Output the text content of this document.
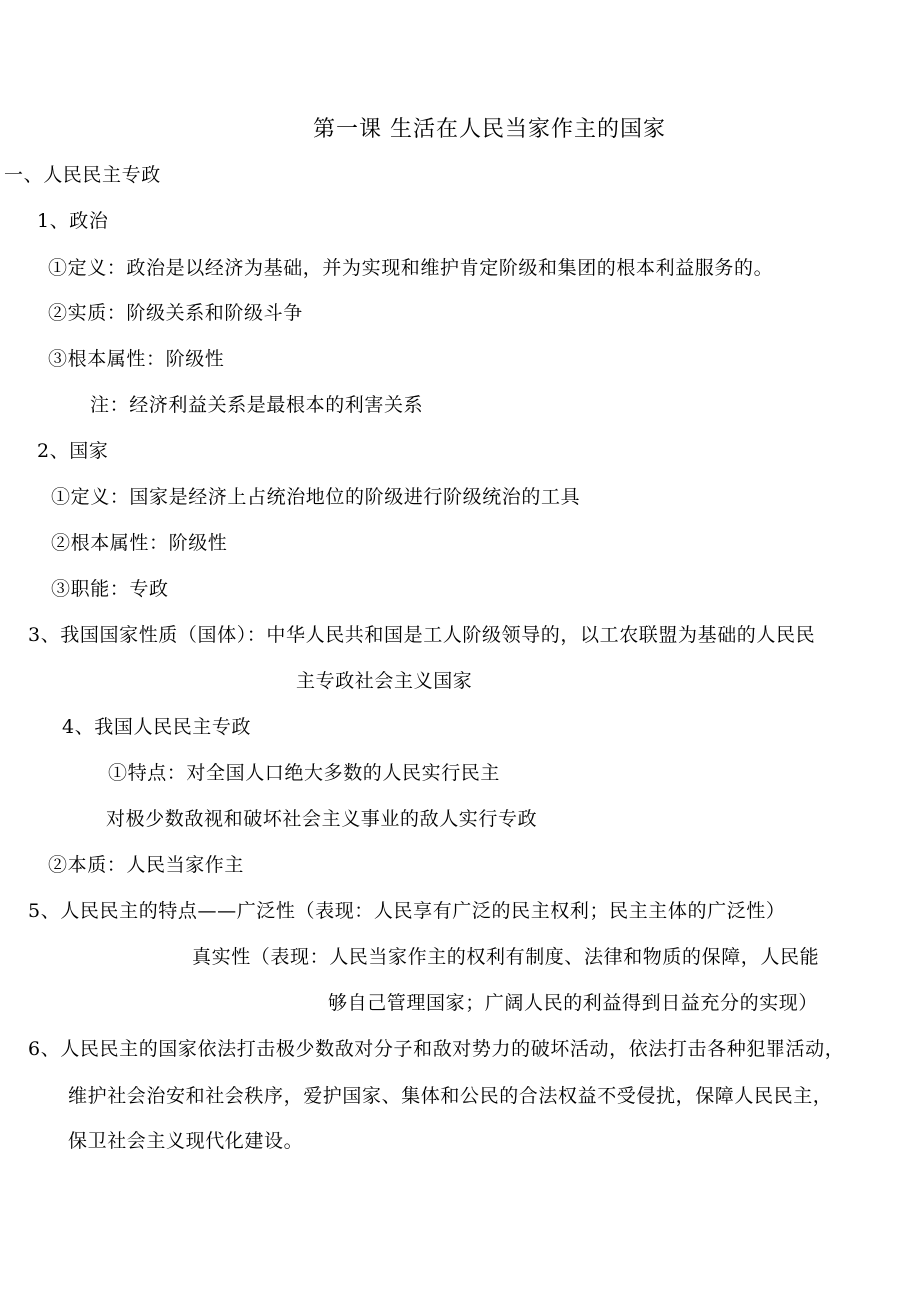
第一课 生活在人民当家作主的国家
一、人民民主专政
1、政治
①定义：政治是以经济为基础，并为实现和维护肯定阶级和集团的根本利益服务的。
②实质：阶级关系和阶级斗争
③根本属性：阶级性
注：经济利益关系是最根本的利害关系
2、国家
①定义：国家是经济上占统治地位的阶级进行阶级统治的工具
②根本属性：阶级性
③职能：专政
3、我国国家性质（国体）：中华人民共和国是工人阶级领导的，以工农联盟为基础的人民民
主专政社会主义国家
4、我国人民民主专政
①特点：对全国人口绝大多数的人民实行民主
对极少数敌视和破坏社会主义事业的敌人实行专政
②本质：人民当家作主
5、人民民主的特点——广泛性（表现：人民享有广泛的民主权利；民主主体的广泛性）
真实性（表现：人民当家作主的权利有制度、法律和物质的保障，人民能
够自己管理国家；广阔人民的利益得到日益充分的实现）
6、人民民主的国家依法打击极少数敌对分子和敌对势力的破坏活动，依法打击各种犯罪活动，
维护社会治安和社会秩序，爱护国家、集体和公民的合法权益不受侵扰，保障人民民主，
保卫社会主义现代化建设。
